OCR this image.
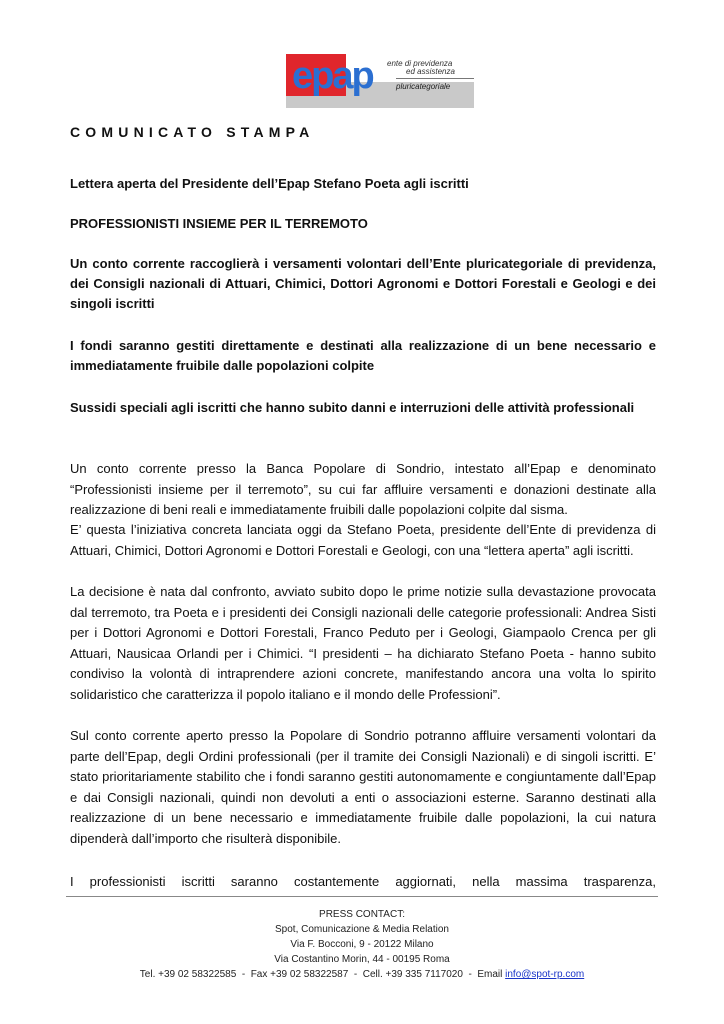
epap ente di previdenza
ed assistenza
pluricategoriale
COMUNICATO STAMPA

Lettera aperta del Presidente dell’Epap Stefano Poeta agli iscritti

PROFESSIONISTI INSIEME PER IL TERREMOTO

Un conto corrente raccoglierà i versamenti volontari dell’Ente pluricategoriale di previdenza, dei Consigli nazionali di Attuari, Chimici, Dottori Agronomi e Dottori Forestali e Geologi e dei singoli iscritti

I fondi saranno gestiti direttamente e destinati alla realizzazione di un bene necessario e immediatamente fruibile dalle popolazioni colpite

Sussidi speciali agli iscritti che hanno subito danni e interruzioni delle attività professionali

Un conto corrente presso la Banca Popolare di Sondrio, intestato all’Epap e denominato “Professionisti insieme per il terremoto”, su cui far affluire versamenti e donazioni destinate alla realizzazione di beni reali e immediatamente fruibili dalle popolazioni colpite dal sisma.

E’ questa l’iniziativa concreta lanciata oggi da Stefano Poeta, presidente dell’Ente di previdenza di Attuari, Chimici, Dottori Agronomi e Dottori Forestali e Geologi, con una “lettera aperta” agli iscritti.

La decisione è nata dal confronto, avviato subito dopo le prime notizie sulla devastazione provocata dal terremoto, tra Poeta e i presidenti dei Consigli nazionali delle categorie professionali: Andrea Sisti per i Dottori Agronomi e Dottori Forestali, Franco Peduto per i Geologi, Giampaolo Crenca per gli Attuari, Nausicaa Orlandi per i Chimici. “I presidenti – ha dichiarato Stefano Poeta - hanno subito condiviso la volontà di intraprendere azioni concrete, manifestando ancora una volta lo spirito solidaristico che caratterizza il popolo italiano e il mondo delle Professioni”.

Sul conto corrente aperto presso la Popolare di Sondrio potranno affluire versamenti volontari da parte dell’Epap, degli Ordini professionali (per il tramite dei Consigli Nazionali) e di singoli iscritti. E’ stato prioritariamente stabilito che i fondi saranno gestiti autonomamente e congiuntamente dall’Epap e dai Consigli nazionali, quindi non devoluti a enti o associazioni esterne. Saranno destinati alla realizzazione di un bene necessario e immediatamente fruibile dalle popolazioni, la cui natura dipenderà dall’importo che risulterà disponibile.

I professionisti iscritti saranno costantemente aggiornati, nella massima trasparenza,

PRESS CONTACT:
Spot, Comunicazione & Media Relation
Via F. Bocconi, 9 - 20122 Milano
Via Costantino Morin, 44 - 00195 Roma
Tel. +39 02 58322585  -  Fax +39 02 58322587  -  Cell. +39 335 7117020  -  Email info@spot-rp.com
